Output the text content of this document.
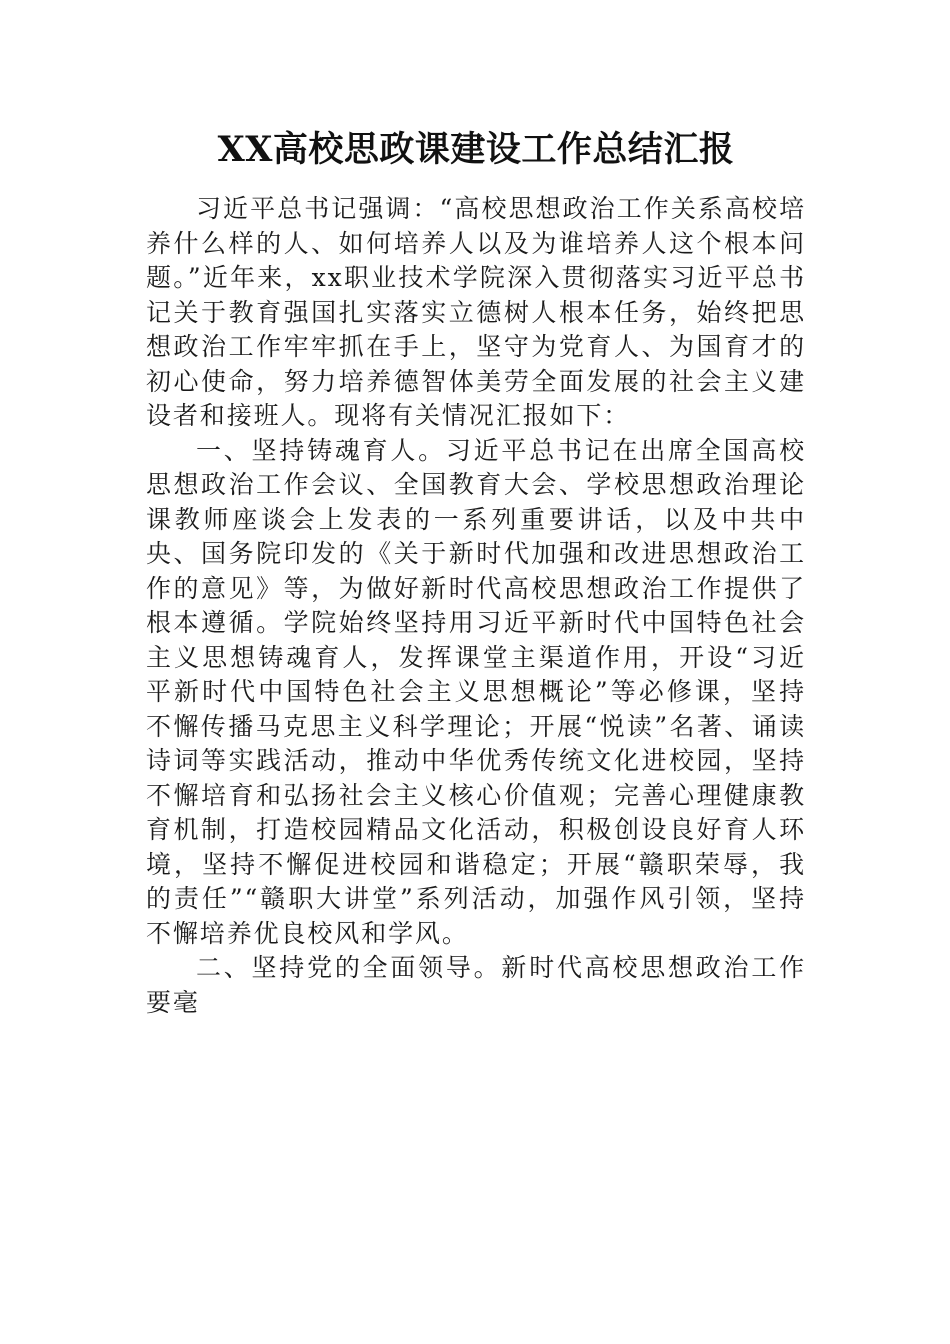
XX高校思政课建设工作总结汇报

习近平总书记强调：“高校思想政治工作关系高校培养什么样的人、如何培养人以及为谁培养人这个根本问题。”近年来，xx职业技术学院深入贯彻落实习近平总书记关于教育强国扎实落实立德树人根本任务，始终把思想政治工作牢牢抓在手上，坚守为党育人、为国育才的初心使命，努力培养德智体美劳全面发展的社会主义建设者和接班人。现将有关情况汇报如下：

一、坚持铸魂育人。习近平总书记在出席全国高校思想政治工作会议、全国教育大会、学校思想政治理论课教师座谈会上发表的一系列重要讲话，以及中共中央、国务院印发的《关于新时代加强和改进思想政治工作的意见》等，为做好新时代高校思想政治工作提供了根本遵循。学院始终坚持用习近平新时代中国特色社会主义思想铸魂育人，发挥课堂主渠道作用，开设“习近平新时代中国特色社会主义思想概论”等必修课，坚持不懈传播马克思主义科学理论；开展“悦读”名著、诵读诗词等实践活动，推动中华优秀传统文化进校园，坚持不懈培育和弘扬社会主义核心价值观；完善心理健康教育机制，打造校园精品文化活动，积极创设良好育人环境，坚持不懈促进校园和谐稳定；开展“赣职荣辱，我的责任”“赣职大讲堂”系列活动，加强作风引领，坚持不懈培养优良校风和学风。

二、坚持党的全面领导。新时代高校思想政治工作要毫
